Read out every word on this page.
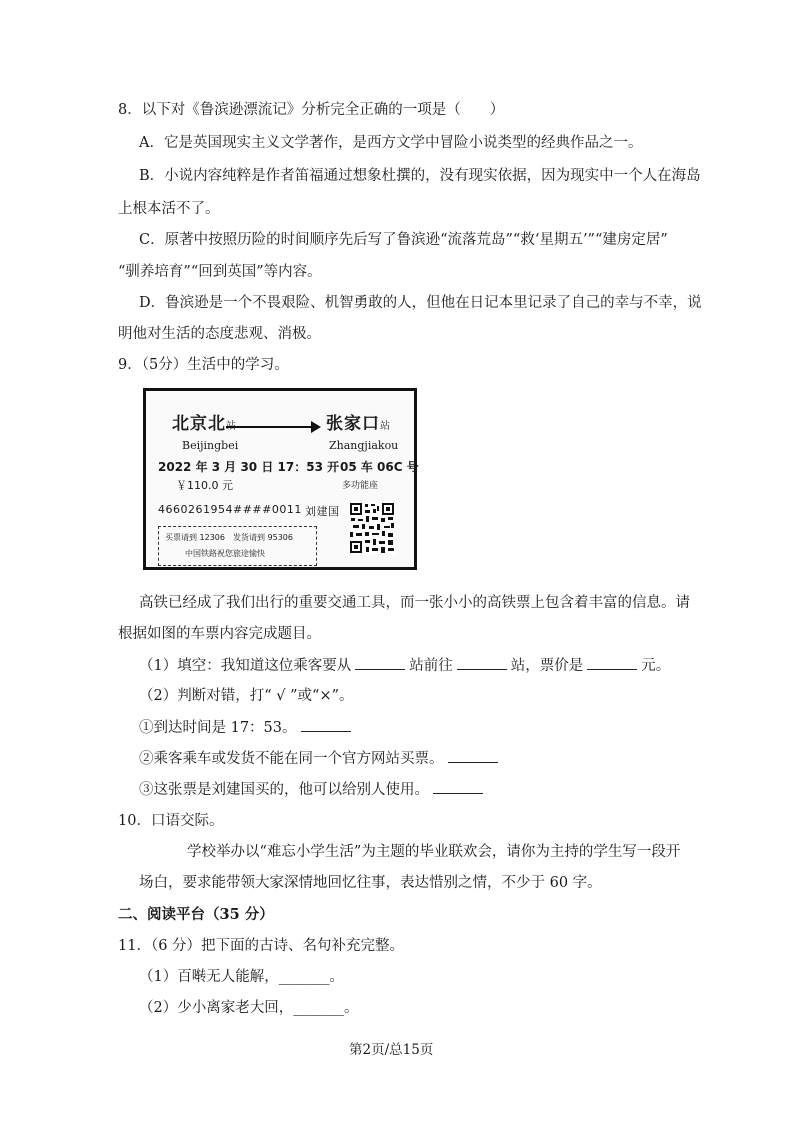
8．以下对《鲁滨逊漂流记》分析完全正确的一项是（　　）
A．它是英国现实主义文学著作，是西方文学中冒险小说类型的经典作品之一。
B．小说内容纯粹是作者笛福通过想象杜撰的，没有现实依据，因为现实中一个人在海岛
上根本活不了。
C．原著中按照历险的时间顺序先后写了鲁滨逊“流落荒岛”“救‘星期五’”“建房定居”
“驯养培育”“回到英国”等内容。
D．鲁滨逊是一个不畏艰险、机智勇敢的人，但他在日记本里记录了自己的幸与不幸，说
明他对生活的态度悲观、消极。
9．（5分）生活中的学习。
北京北	张家口站
Beijingbei	Zhangjiakou
2022 年 3 月 30 日 17：53 开 05 车 06C 号
￥110.0 元	多功能座
4660261954####0011 刘建国
买票请到 12306　发货请到 95306
中国铁路祝您旅途愉快
高铁已经成了我们出行的重要交通工具，而一张小小的高铁票上包含着丰富的信息。请
根据如图的车票内容完成题目。
（1）填空：我知道这位乘客要从	站前往	站，票价是	元。
（2）判断对错，打“ √ ”或“×”。
①到达时间是 17：53。
②乘客乘车或发货不能在同一个官方网站买票。
③这张票是刘建国买的，他可以给别人使用。
10．口语交际。
学校举办以“难忘小学生活”为主题的毕业联欢会，请你为主持的学生写一段开
场白，要求能带领大家深情地回忆往事，表达惜别之情，不少于 60 字。
二、阅读平台（35 分）
11．（6 分）把下面的古诗、名句补充完整。
（1）百啭无人能解，_______。
（2）少小离家老大回，_______。
第2页/总15页
